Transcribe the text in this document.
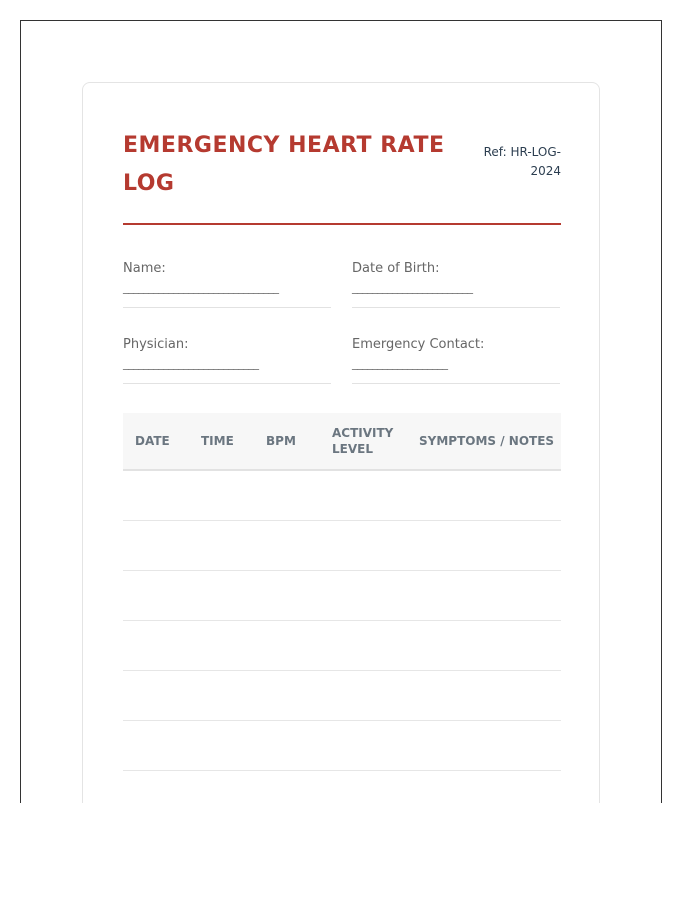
EMERGENCY HEART RATE LOG
Ref: HR-LOG-2024
Name:
_______________________________
Date of Birth:
________________________
Physician:
___________________________
Emergency Contact:
___________________
DATE	TIME	BPM
ACTIVITY LEVEL
SYMPTOMS / NOTES
